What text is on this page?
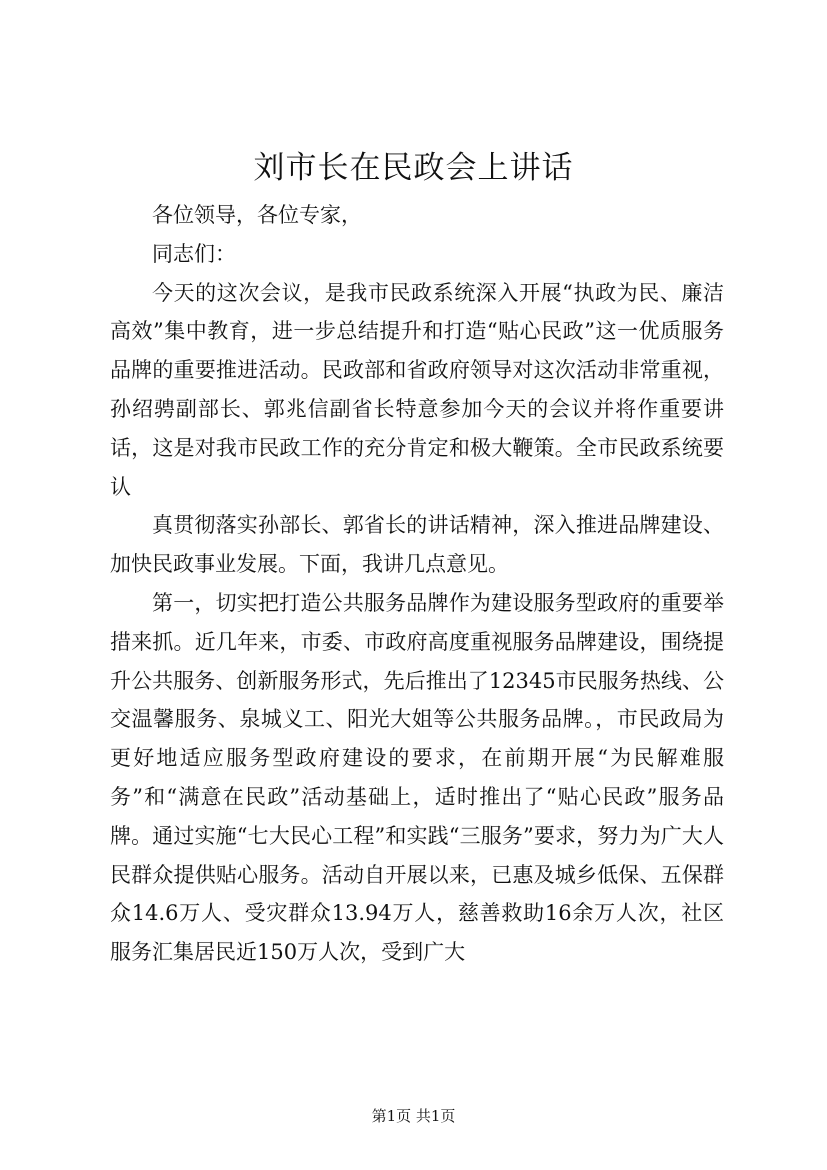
刘市长在民政会上讲话

各位领导，各位专家，

同志们：

今天的这次会议，是我市民政系统深入开展“执政为民、廉洁高效”集中教育，进一步总结提升和打造“贴心民政”这一优质服务品牌的重要推进活动。民政部和省政府领导对这次活动非常重视，孙绍骋副部长、郭兆信副省长特意参加今天的会议并将作重要讲话，这是对我市民政工作的充分肯定和极大鞭策。全市民政系统要认

真贯彻落实孙部长、郭省长的讲话精神，深入推进品牌建设、加快民政事业发展。下面，我讲几点意见。

第一，切实把打造公共服务品牌作为建设服务型政府的重要举措来抓。近几年来，市委、市政府高度重视服务品牌建设，围绕提升公共服务、创新服务形式，先后推出了12345市民服务热线、公交温馨服务、泉城义工、阳光大姐等公共服务品牌。，市民政局为更好地适应服务型政府建设的要求，在前期开展“为民解难服务”和“满意在民政”活动基础上，适时推出了“贴心民政”服务品牌。通过实施“七大民心工程”和实践“三服务”要求，努力为广大人民群众提供贴心服务。活动自开展以来，已惠及城乡低保、五保群众14.6万人、受灾群众13.94万人，慈善救助16余万人次，社区服务汇集居民近150万人次，受到广大

第1页 共1页
